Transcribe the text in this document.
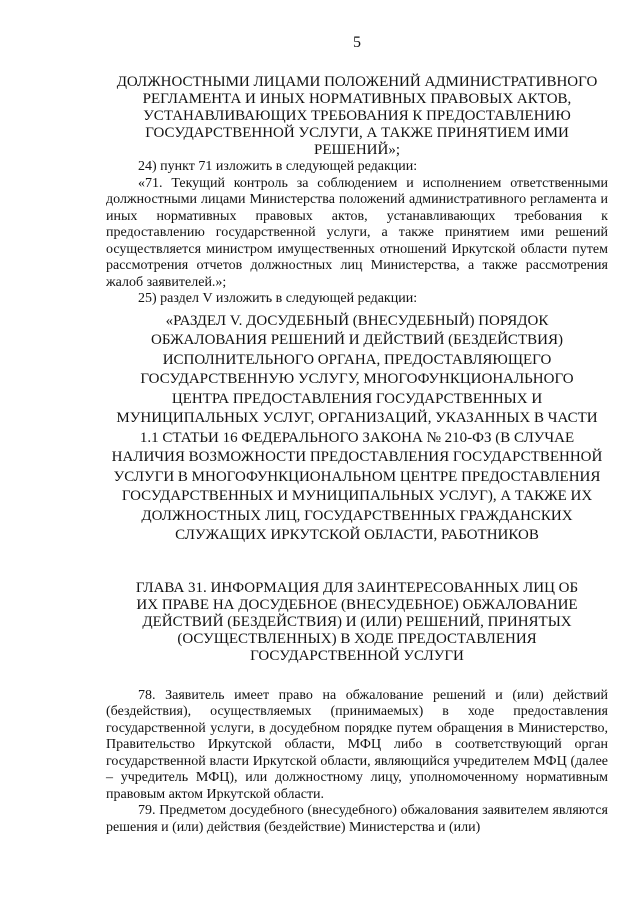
5
ДОЛЖНОСТНЫМИ ЛИЦАМИ ПОЛОЖЕНИЙ АДМИНИСТРАТИВНОГО РЕГЛАМЕНТА И ИНЫХ НОРМАТИВНЫХ ПРАВОВЫХ АКТОВ, УСТАНАВЛИВАЮЩИХ ТРЕБОВАНИЯ К ПРЕДОСТАВЛЕНИЮ ГОСУДАРСТВЕННОЙ УСЛУГИ, А ТАКЖЕ ПРИНЯТИЕМ ИМИ РЕШЕНИЙ»;

24) пункт 71 изложить в следующей редакции:

«71. Текущий контроль за соблюдением и исполнением ответственными должностными лицами Министерства положений административного регламента и иных нормативных правовых актов, устанавливающих требования к предоставлению государственной услуги, а также принятием ими решений осуществляется министром имущественных отношений Иркутской области путем рассмотрения отчетов должностных лиц Министерства, а также рассмотрения жалоб заявителей.»;

25) раздел V изложить в следующей редакции:

«РАЗДЕЛ V. ДОСУДЕБНЫЙ (ВНЕСУДЕБНЫЙ) ПОРЯДОК ОБЖАЛОВАНИЯ РЕШЕНИЙ И ДЕЙСТВИЙ (БЕЗДЕЙСТВИЯ) ИСПОЛНИТЕЛЬНОГО ОРГАНА, ПРЕДОСТАВЛЯЮЩЕГО ГОСУДАРСТВЕННУЮ УСЛУГУ, МНОГОФУНКЦИОНАЛЬНОГО ЦЕНТРА ПРЕДОСТАВЛЕНИЯ ГОСУДАРСТВЕННЫХ И МУНИЦИПАЛЬНЫХ УСЛУГ, ОРГАНИЗАЦИЙ, УКАЗАННЫХ В ЧАСТИ 1.1 СТАТЬИ 16 ФЕДЕРАЛЬНОГО ЗАКОНА № 210-ФЗ (В СЛУЧАЕ НАЛИЧИЯ ВОЗМОЖНОСТИ ПРЕДОСТАВЛЕНИЯ ГОСУДАРСТВЕННОЙ УСЛУГИ В МНОГОФУНКЦИОНАЛЬНОМ ЦЕНТРЕ ПРЕДОСТАВЛЕНИЯ ГОСУДАРСТВЕННЫХ И МУНИЦИПАЛЬНЫХ УСЛУГ), А ТАКЖЕ ИХ ДОЛЖНОСТНЫХ ЛИЦ, ГОСУДАРСТВЕННЫХ ГРАЖДАНСКИХ СЛУЖАЩИХ ИРКУТСКОЙ ОБЛАСТИ, РАБОТНИКОВ
ГЛАВА 31. ИНФОРМАЦИЯ ДЛЯ ЗАИНТЕРЕСОВАННЫХ ЛИЦ ОБ ИХ ПРАВЕ НА ДОСУДЕБНОЕ (ВНЕСУДЕБНОЕ) ОБЖАЛОВАНИЕ ДЕЙСТВИЙ (БЕЗДЕЙСТВИЯ) И (ИЛИ) РЕШЕНИЙ, ПРИНЯТЫХ (ОСУЩЕСТВЛЕННЫХ) В ХОДЕ ПРЕДОСТАВЛЕНИЯ ГОСУДАРСТВЕННОЙ УСЛУГИ

78. Заявитель имеет право на обжалование решений и (или) действий (бездействия), осуществляемых (принимаемых) в ходе предоставления государственной услуги, в досудебном порядке путем обращения в Министерство, Правительство Иркутской области, МФЦ либо в соответствующий орган государственной власти Иркутской области, являющийся учредителем МФЦ (далее – учредитель МФЦ), или должностному лицу, уполномоченному нормативным правовым актом Иркутской области.

79. Предметом досудебного (внесудебного) обжалования заявителем являются решения и (или) действия (бездействие) Министерства и (или)
